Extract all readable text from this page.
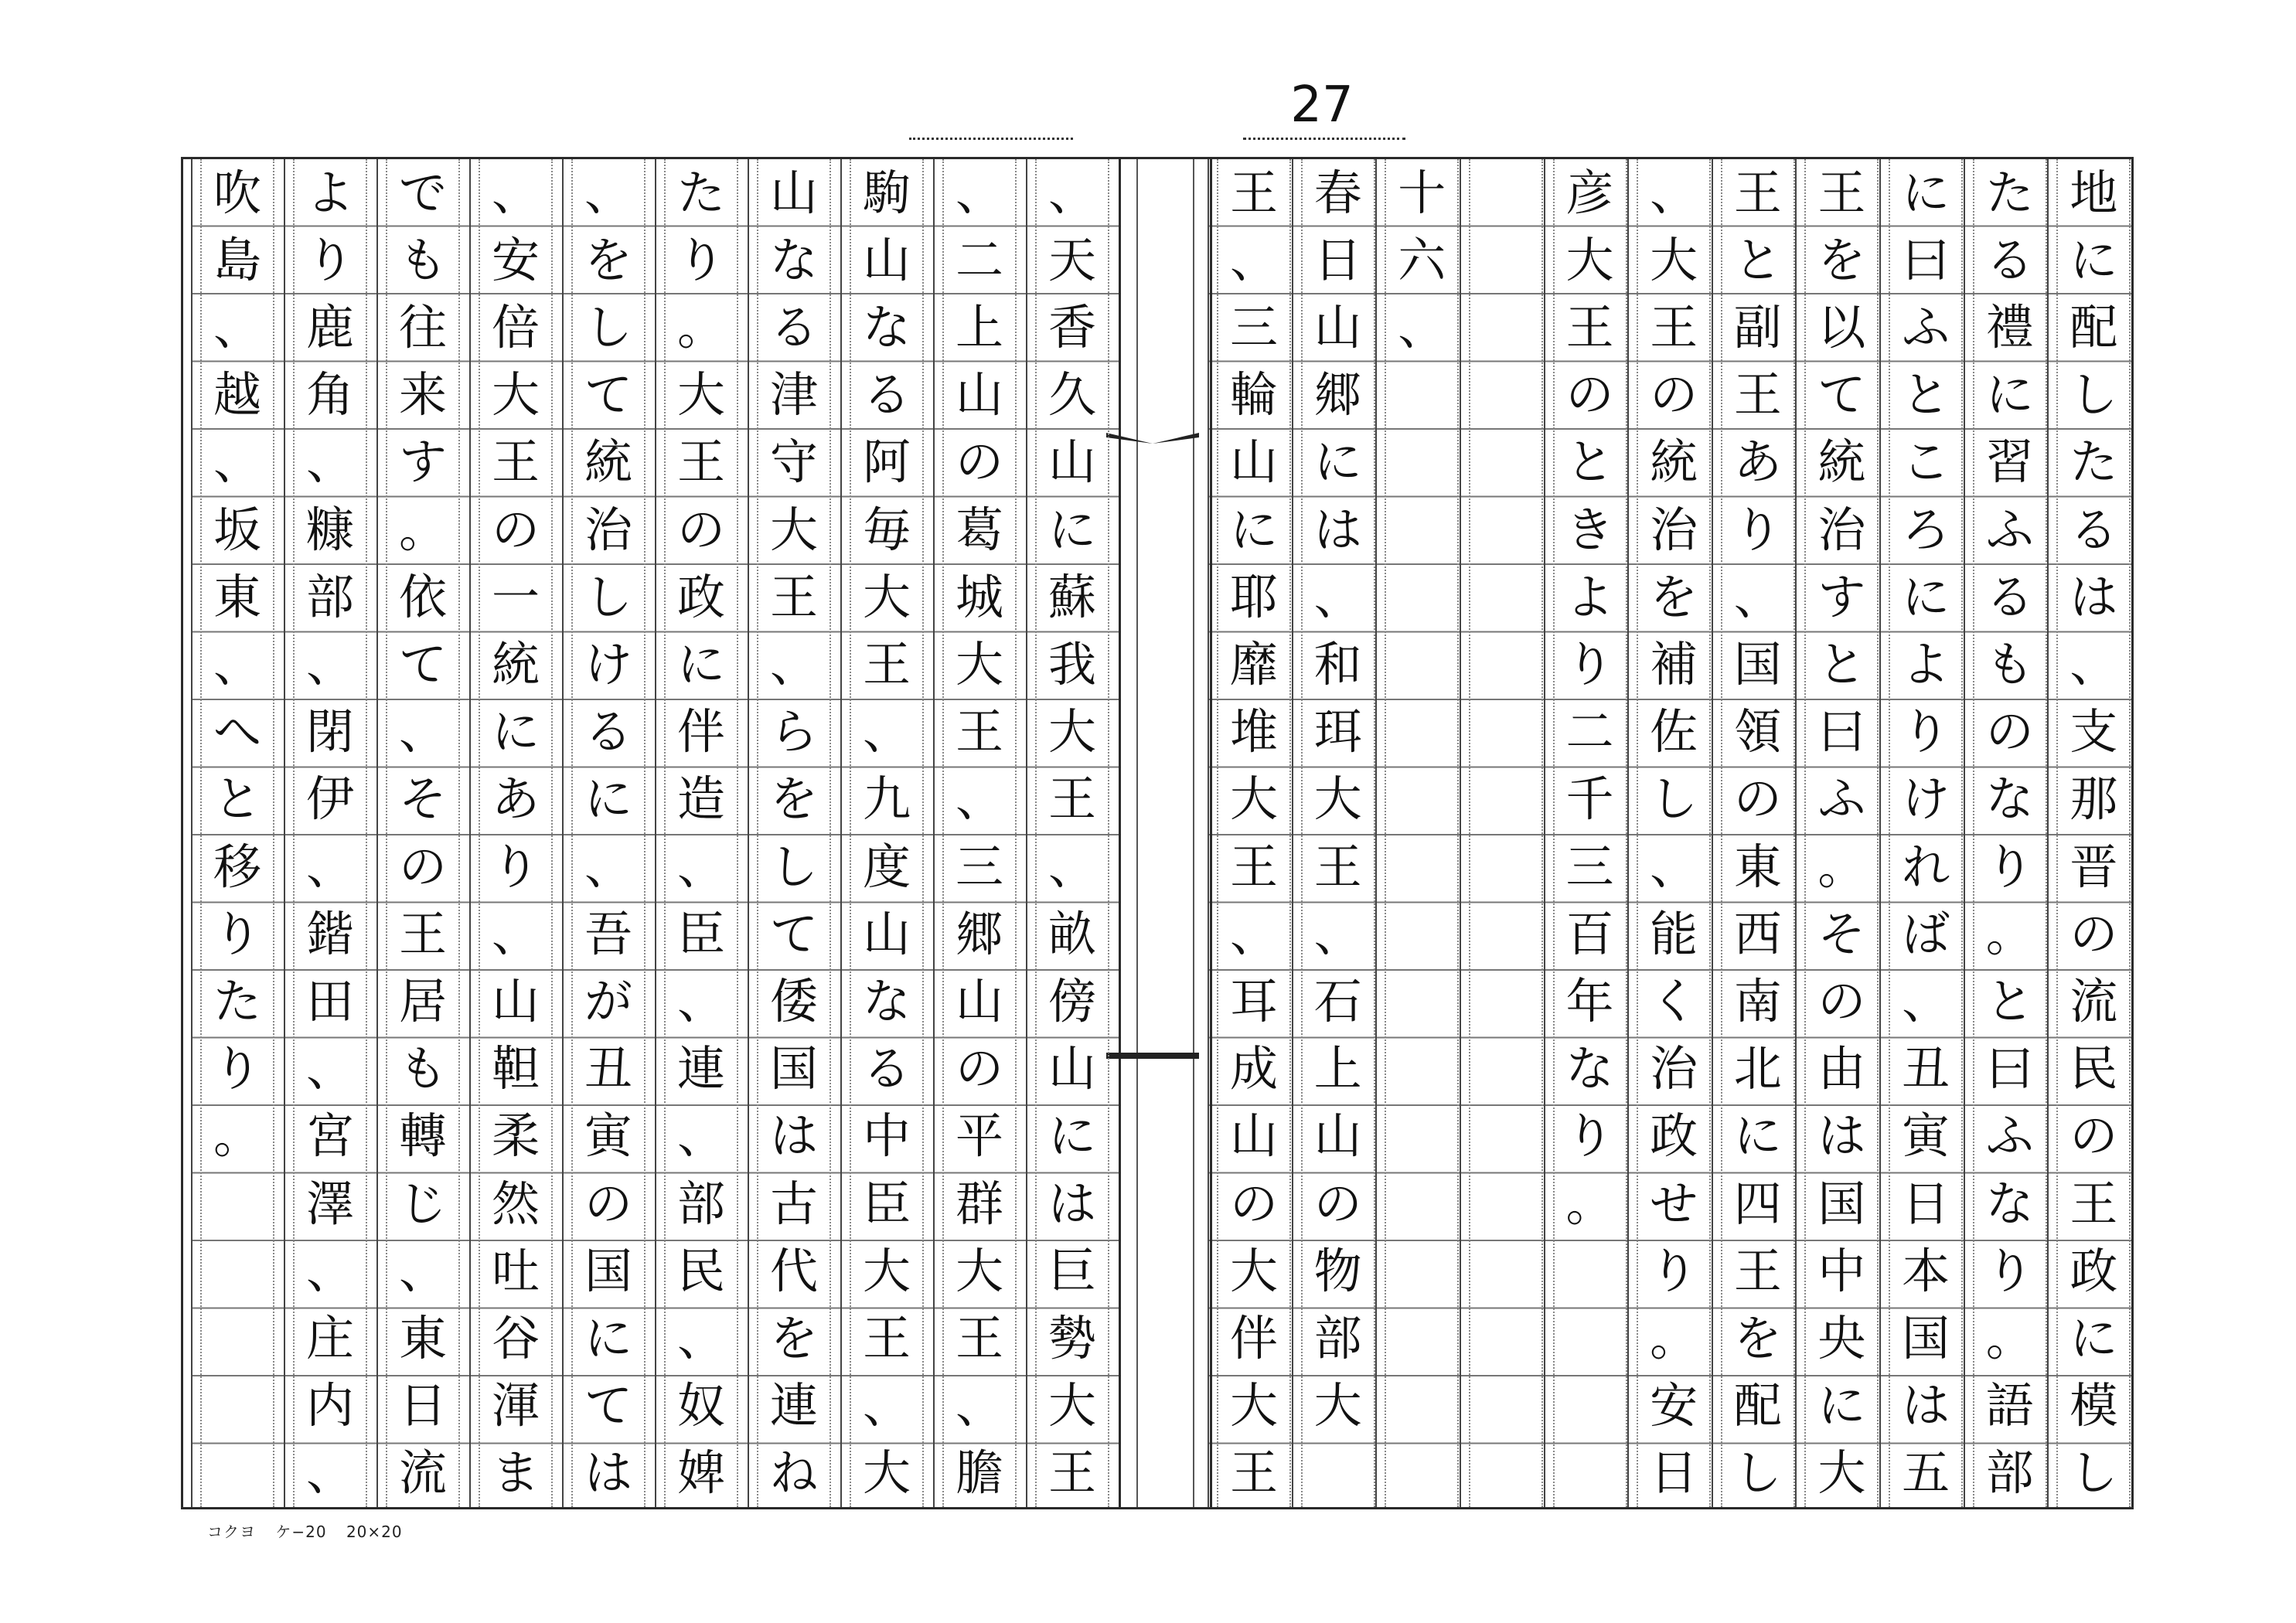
27
地
に
配
し
た
る
は
、
支
那
晋
の
流
民
の
王
政
に
模
し
た
る
禮
に
習
ふ
る
も
の
な
り
。
と
曰
ふ
な
り
。
語
部
に
曰
ふ
と
こ
ろ
に
よ
り
け
れ
ば
、
丑
寅
日
本
国
は
五
王
を
以
て
統
治
す
と
曰
ふ
。
そ
の
由
は
国
中
央
に
大
王
と
副
王
あ
り
、
国
領
の
東
西
南
北
に
四
王
を
配
し
、
大
王
の
統
治
を
補
佐
し
、
能
く
治
政
せ
り
。
安
日
彦
大
王
の
と
き
よ
り
二
千
三
百
年
な
り
。
十
六
、
春
日
山
郷
に
は
、
和
珥
大
王
、
石
上
山
の
物
部
大
王
、
三
輪
山
に
耶
靡
堆
大
王
、
耳
成
山
の
大
伴
大
王
、
天
香
久
山
に
蘇
我
大
王
、
畝
傍
山
に
は
巨
勢
大
王
、
二
上
山
の
葛
城
大
王
、
三
郷
山
の
平
群
大
王
、
膽
駒
山
な
る
阿
毎
大
王
、
九
度
山
な
る
中
臣
大
王
、
大
山
な
る
津
守
大
王
、
ら
を
し
て
倭
国
は
古
代
を
連
ね
た
り
。
大
王
の
政
に
伴
造
、
臣
、
連
、
部
民
、
奴
婢
、
を
し
て
統
治
し
け
る
に
、
吾
が
丑
寅
の
国
に
て
は
、
安
倍
大
王
の
一
統
に
あ
り
、
山
靼
柔
然
吐
谷
渾
ま
で
も
往
来
す
。
依
て
、
そ
の
王
居
も
轉
じ
、
東
日
流
よ
り
鹿
角
、
糠
部
、
閉
伊
、
鍇
田
、
宮
澤
、
庄
内
、
吹
島
、
越
、
坂
東
、
へ
と
移
り
た
り
。
コクヨ ケ−20 20×20
